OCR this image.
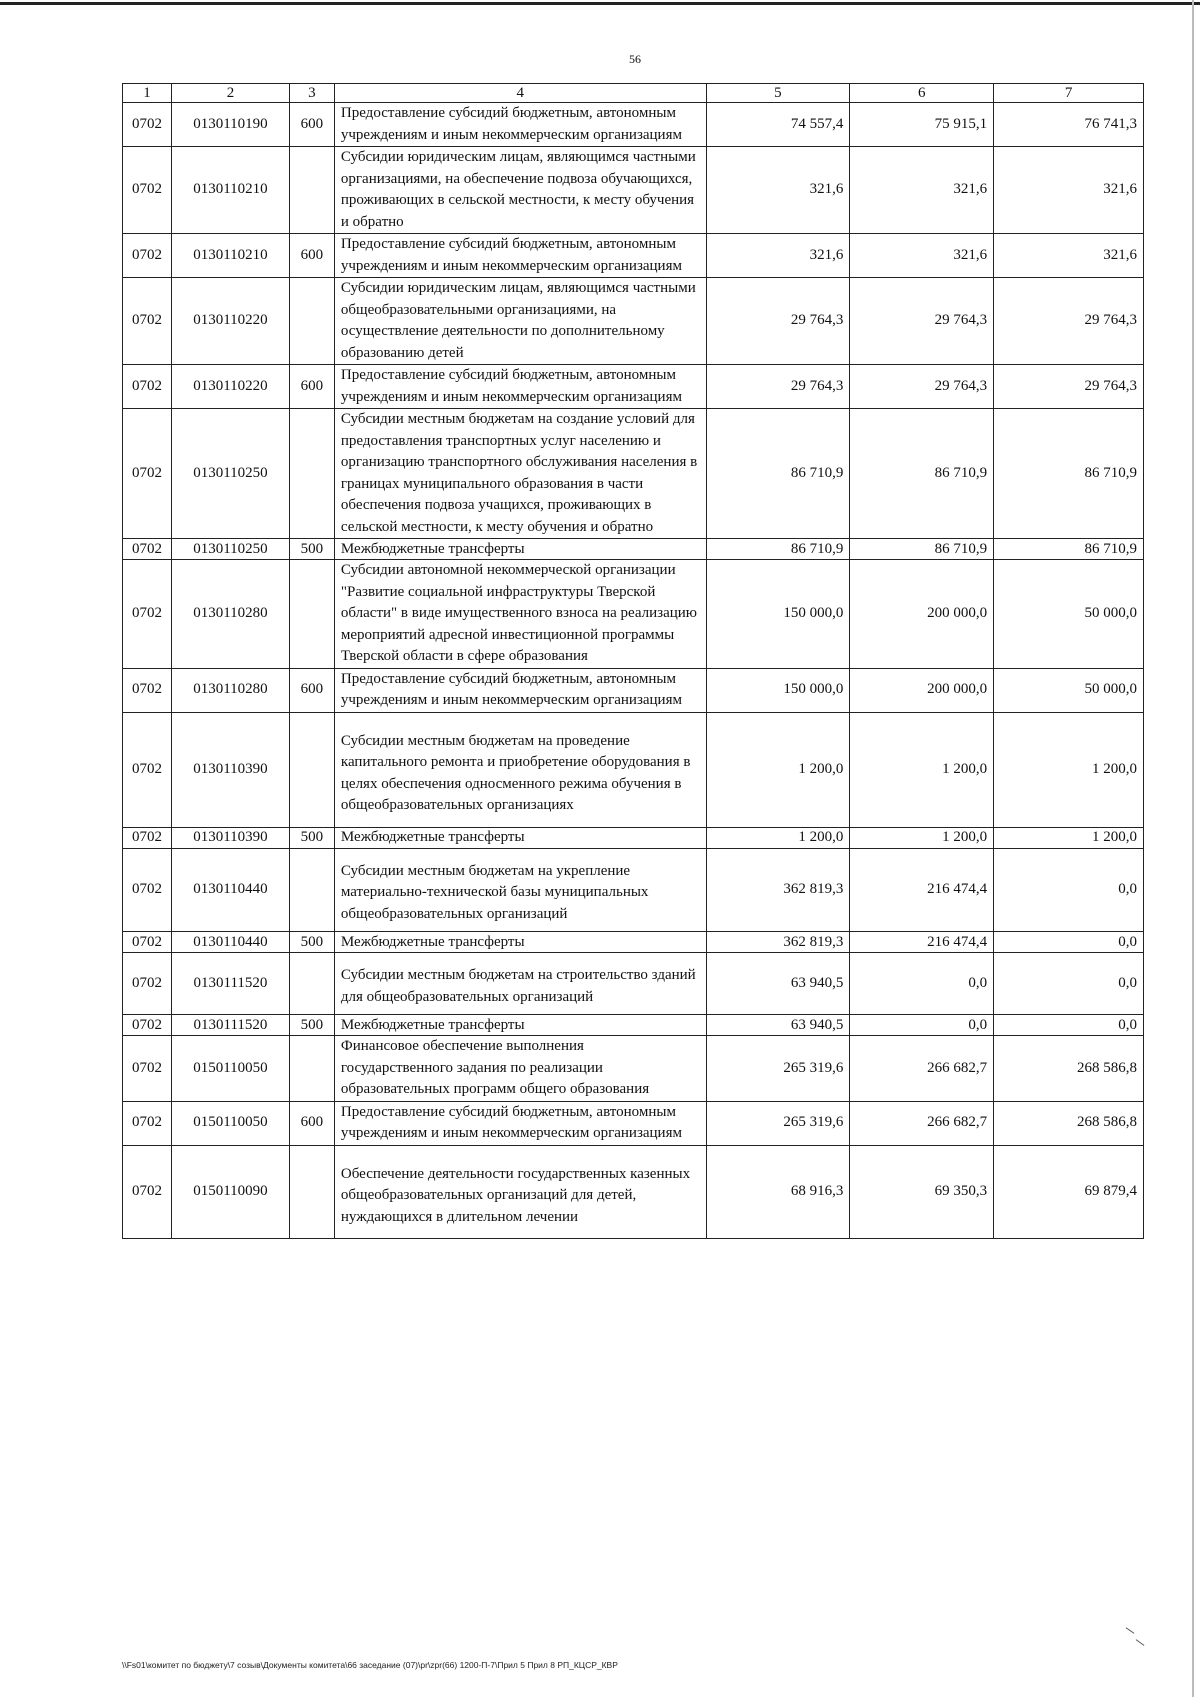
56
1	2	3	4	5	6	7
0702	0130110190	600	Предоставление субсидий бюджетным, автономным учреждениям и иным некоммерческим организациям	74 557,4	75 915,1	76 741,3
0702	0130110210		Субсидии юридическим лицам, являющимся частными организациями, на обеспечение подвоза обучающихся, проживающих в сельской местности, к месту обучения и обратно	321,6	321,6	321,6
0702	0130110210	600	Предоставление субсидий бюджетным, автономным учреждениям и иным некоммерческим организациям	321,6	321,6	321,6
0702	0130110220		Субсидии юридическим лицам, являющимся частными общеобразовательными организациями, на осуществление деятельности по дополнительному образованию детей	29 764,3	29 764,3	29 764,3
0702	0130110220	600	Предоставление субсидий бюджетным, автономным учреждениям и иным некоммерческим организациям	29 764,3	29 764,3	29 764,3
0702	0130110250		Субсидии местным бюджетам на создание условий для предоставления транспортных услуг населению и организацию транспортного обслуживания населения в границах муниципального образования в части обеспечения подвоза учащихся, проживающих в сельской местности, к месту обучения и обратно	86 710,9	86 710,9	86 710,9
0702	0130110250	500	Межбюджетные трансферты	86 710,9	86 710,9	86 710,9
0702	0130110280		Субсидии автономной некоммерческой организации "Развитие социальной инфраструктуры Тверской области" в виде имущественного взноса на реализацию мероприятий адресной инвестиционной программы Тверской области в сфере образования	150 000,0	200 000,0	50 000,0
0702	0130110280	600	Предоставление субсидий бюджетным, автономным учреждениям и иным некоммерческим организациям	150 000,0	200 000,0	50 000,0
0702	0130110390		Субсидии местным бюджетам на проведение капитального ремонта и приобретение оборудования в целях обеспечения односменного режима обучения в общеобразовательных организациях	1 200,0	1 200,0	1 200,0
0702	0130110390	500	Межбюджетные трансферты	1 200,0	1 200,0	1 200,0
0702	0130110440		Субсидии местным бюджетам на укрепление материально-технической базы муниципальных общеобразовательных организаций	362 819,3	216 474,4	0,0
0702	0130110440	500	Межбюджетные трансферты	362 819,3	216 474,4	0,0
0702	0130111520		Субсидии местным бюджетам на строительство зданий для общеобразовательных организаций	63 940,5	0,0	0,0
0702	0130111520	500	Межбюджетные трансферты	63 940,5	0,0	0,0
0702	0150110050		Финансовое обеспечение выполнения государственного задания по реализации образовательных программ общего образования	265 319,6	266 682,7	268 586,8
0702	0150110050	600	Предоставление субсидий бюджетным, автономным учреждениям и иным некоммерческим организациям	265 319,6	266 682,7	268 586,8
0702	0150110090		Обеспечение деятельности государственных казенных общеобразовательных организаций для детей, нуждающихся в длительном лечении	68 916,3	69 350,3	69 879,4
\\Fs01\комитет по бюджету\7 созыв\Документы комитета\66 заседание (07)\pr\zpr(66) 1200-П-7\Прил 5 Прил 8 РП_КЦСР_КВР
